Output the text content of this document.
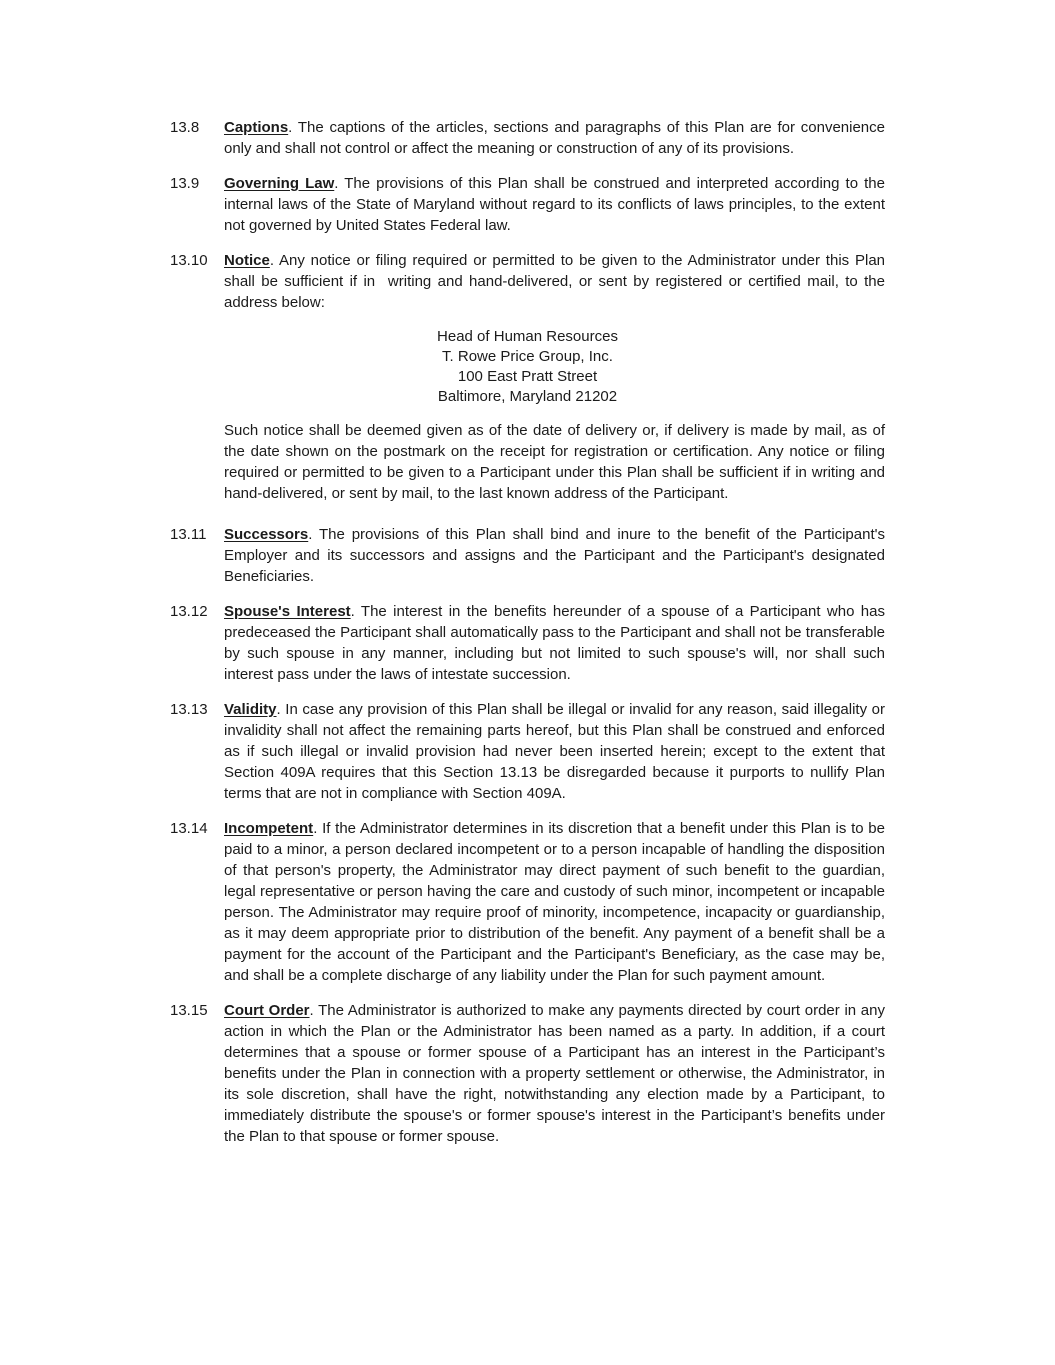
13.8 Captions. The captions of the articles, sections and paragraphs of this Plan are for convenience only and shall not control or affect the meaning or construction of any of its provisions.

13.9 Governing Law. The provisions of this Plan shall be construed and interpreted according to the internal laws of the State of Maryland without regard to its conflicts of laws principles, to the extent not governed by United States Federal law.

13.10 Notice. Any notice or filing required or permitted to be given to the Administrator under this Plan shall be sufficient if in  writing and hand-delivered, or sent by registered or certified mail, to the address below:

Head of Human Resources
T. Rowe Price Group, Inc.
100 East Pratt Street
Baltimore, Maryland 21202

Such notice shall be deemed given as of the date of delivery or, if delivery is made by mail, as of the date shown on the postmark on the receipt for registration or certification. Any notice or filing required or permitted to be given to a Participant under this Plan shall be sufficient if in writing and hand-delivered, or sent by mail, to the last known address of the Participant.

13.11 Successors. The provisions of this Plan shall bind and inure to the benefit of the Participant's Employer and its successors and assigns and the Participant and the Participant's designated Beneficiaries.

13.12 Spouse's Interest. The interest in the benefits hereunder of a spouse of a Participant who has predeceased the Participant shall automatically pass to the Participant and shall not be transferable by such spouse in any manner, including but not limited to such spouse's will, nor shall such interest pass under the laws of intestate succession.

13.13 Validity. In case any provision of this Plan shall be illegal or invalid for any reason, said illegality or invalidity shall not affect the remaining parts hereof, but this Plan shall be construed and enforced as if such illegal or invalid provision had never been inserted herein; except to the extent that Section 409A requires that this Section 13.13 be disregarded because it purports to nullify Plan terms that are not in compliance with Section 409A.

13.14 Incompetent. If the Administrator determines in its discretion that a benefit under this Plan is to be paid to a minor, a person declared incompetent or to a person incapable of handling the disposition of that person's property, the Administrator may direct payment of such benefit to the guardian, legal representative or person having the care and custody of such minor, incompetent or incapable person. The Administrator may require proof of minority, incompetence, incapacity or guardianship, as it may deem appropriate prior to distribution of the benefit. Any payment of a benefit shall be a payment for the account of the Participant and the Participant's Beneficiary, as the case may be, and shall be a complete discharge of any liability under the Plan for such payment amount.

13.15 Court Order. The Administrator is authorized to make any payments directed by court order in any action in which the Plan or the Administrator has been named as a party. In addition, if a court determines that a spouse or former spouse of a Participant has an interest in the Participant’s benefits under the Plan in connection with a property settlement or otherwise, the Administrator, in its sole discretion, shall have the right, notwithstanding any election made by a Participant, to immediately distribute the spouse's or former spouse's interest in the Participant’s benefits under the Plan to that spouse or former spouse.
